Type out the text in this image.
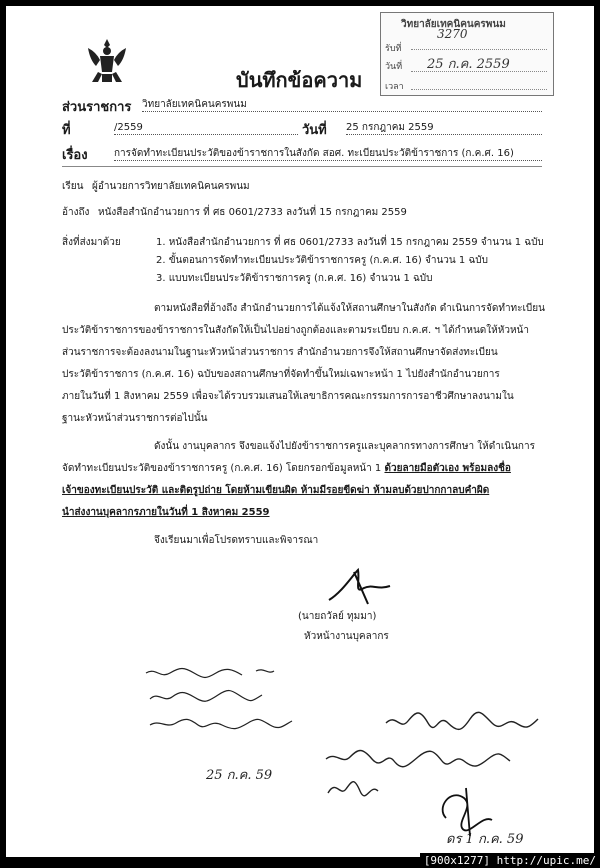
วิทยาลัยเทคนิคนครพนม
รับที่
3270
วันที่ 25 ก.ค. 2559
เวลา
บันทึกข้อความ
ส่วนราชการ วิทยาลัยเทคนิคนครพนม
ที่	/2559	วันที่ 25 กรกฎาคม 2559
เรื่อง	การจัดทำทะเบียนประวัติของข้าราชการในสังกัด สอศ. ทะเบียนประวัติข้าราชการ (ก.ค.ศ. 16)
เรียน ผู้อำนวยการวิทยาลัยเทคนิคนครพนม
อ้างถึง หนังสือสำนักอำนวยการ ที่ ศธ 0601/2733 ลงวันที่ 15 กรกฎาคม 2559
สิ่งที่ส่งมาด้วย	1. หนังสือสำนักอำนวยการ ที่ ศธ 0601/2733 ลงวันที่ 15 กรกฎาคม 2559 จำนวน 1 ฉบับ
2. ขั้นตอนการจัดทำทะเบียนประวัติข้าราชการครู (ก.ค.ศ. 16) จำนวน 1 ฉบับ
3. แบบทะเบียนประวัติข้าราชการครู (ก.ค.ศ. 16) จำนวน 1 ฉบับ
ตามหนังสือที่อ้างถึง สำนักอำนวยการได้แจ้งให้สถานศึกษาในสังกัด ดำเนินการจัดทำทะเบียน
ประวัติข้าราชการของข้าราชการในสังกัดให้เป็นไปอย่างถูกต้องและตามระเบียบ ก.ค.ศ. ฯ ได้กำหนดให้หัวหน้า
ส่วนราชการจะต้องลงนามในฐานะหัวหน้าส่วนราชการ สำนักอำนวยการจึงให้สถานศึกษาจัดส่งทะเบียน
ประวัติข้าราชการ (ก.ค.ศ. 16) ฉบับของสถานศึกษาที่จัดทำขึ้นใหม่เฉพาะหน้า 1 ไปยังสำนักอำนวยการ
ภายในวันที่ 1 สิงหาคม 2559 เพื่อจะได้รวบรวมเสนอให้เลขาธิการคณะกรรมการการอาชีวศึกษาลงนามใน
ฐานะหัวหน้าส่วนราชการต่อไปนั้น
ดังนั้น งานบุคลากร จึงขอแจ้งไปยังข้าราชการครูและบุคลากรทางการศึกษา ให้ดำเนินการ
จัดทำทะเบียนประวัติของข้าราชการครู (ก.ค.ศ. 16) โดยกรอกข้อมูลหน้า 1 ด้วยลายมือตัวเอง พร้อมลงชื่อ
เจ้าของทะเบียนประวัติ และติดรูปถ่าย โดยห้ามเขียนผิด ห้ามมีรอยขีดฆ่า ห้ามลบด้วยปากกาลบคำผิด
นำส่งงานบุคลากรภายในวันที่ 1 สิงหาคม 2559
จึงเรียนมาเพื่อโปรดทราบและพิจารณา
(นายถวัลย์ ทุมมา)
หัวหน้างานบุคลากร
25 ก.ค. 59
ดร 1 ก.ค. 59
[900x1277] http://upic.me/
